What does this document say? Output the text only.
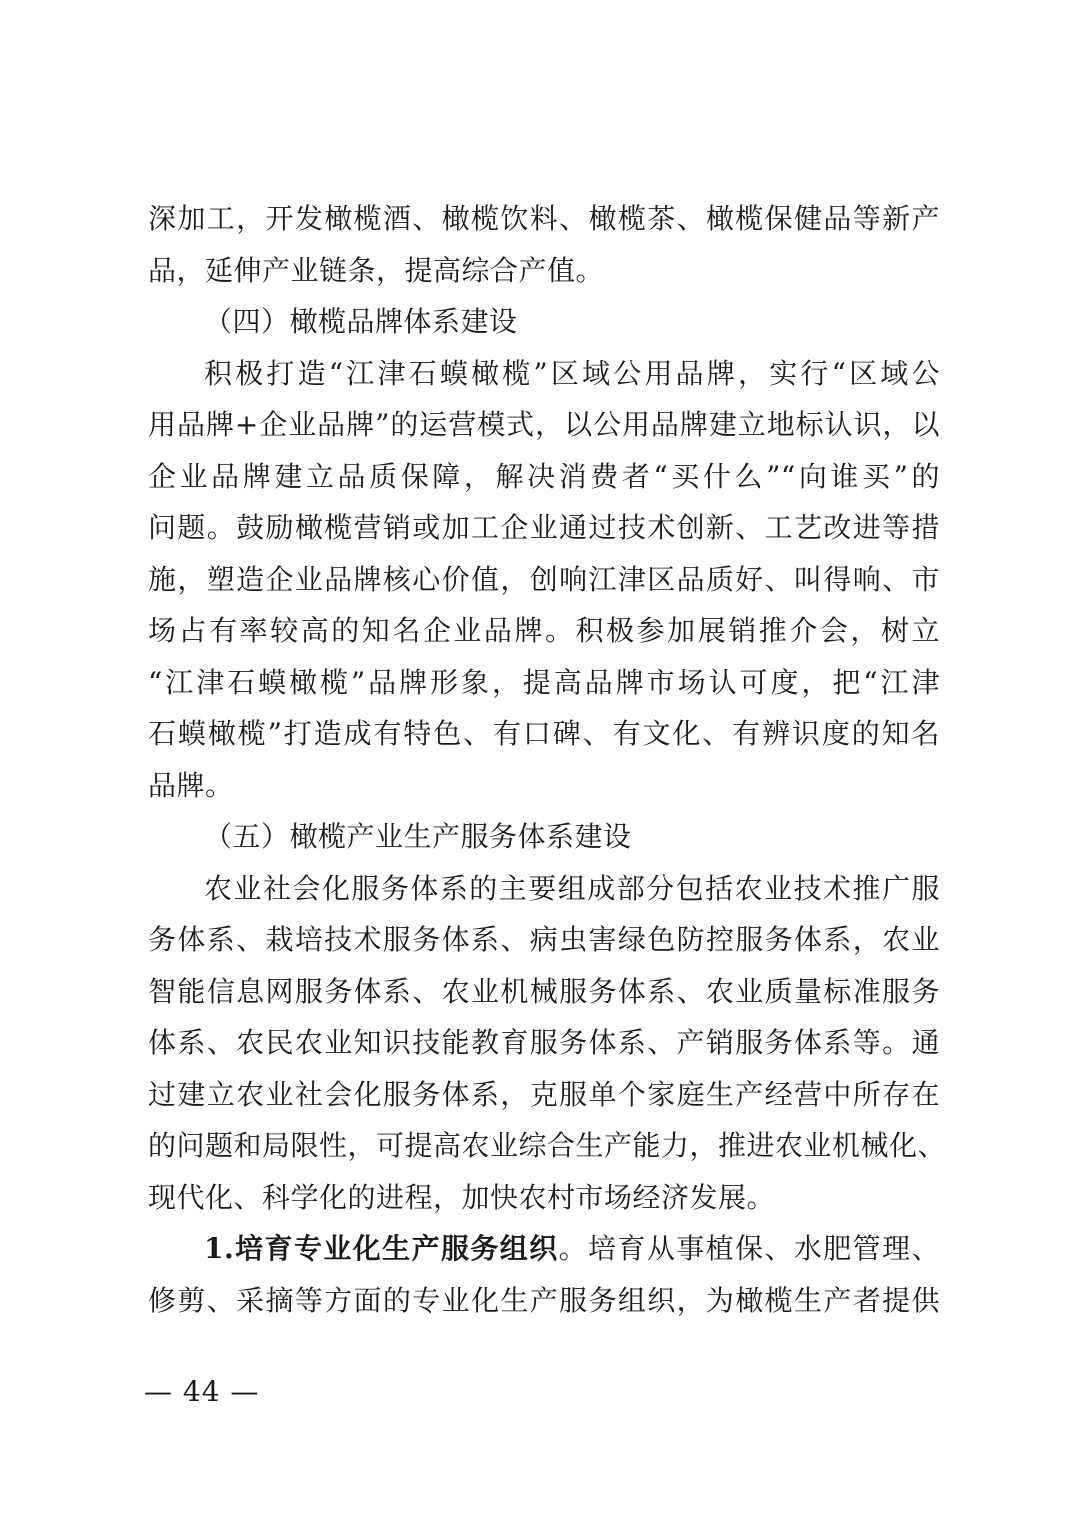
深加工，开发橄榄酒、橄榄饮料、橄榄茶、橄榄保健品等新产
品，延伸产业链条，提高综合产值。
（四）橄榄品牌体系建设
积极打造“江津石蟆橄榄”区域公用品牌，实行“区域公
用品牌+企业品牌”的运营模式，以公用品牌建立地标认识，以
企业品牌建立品质保障，解决消费者“买什么”“向谁买”的
问题。鼓励橄榄营销或加工企业通过技术创新、工艺改进等措
施，塑造企业品牌核心价值，创响江津区品质好、叫得响、市
场占有率较高的知名企业品牌。积极参加展销推介会，树立
“江津石蟆橄榄”品牌形象，提高品牌市场认可度，把“江津
石蟆橄榄”打造成有特色、有口碑、有文化、有辨识度的知名
品牌。
（五）橄榄产业生产服务体系建设
农业社会化服务体系的主要组成部分包括农业技术推广服
务体系、栽培技术服务体系、病虫害绿色防控服务体系，农业
智能信息网服务体系、农业机械服务体系、农业质量标准服务
体系、农民农业知识技能教育服务体系、产销服务体系等。通
过建立农业社会化服务体系，克服单个家庭生产经营中所存在
的问题和局限性，可提高农业综合生产能力，推进农业机械化、
现代化、科学化的进程，加快农村市场经济发展。
1.培育专业化生产服务组织。培育从事植保、水肥管理、
修剪、采摘等方面的专业化生产服务组织，为橄榄生产者提供
— 44 —
